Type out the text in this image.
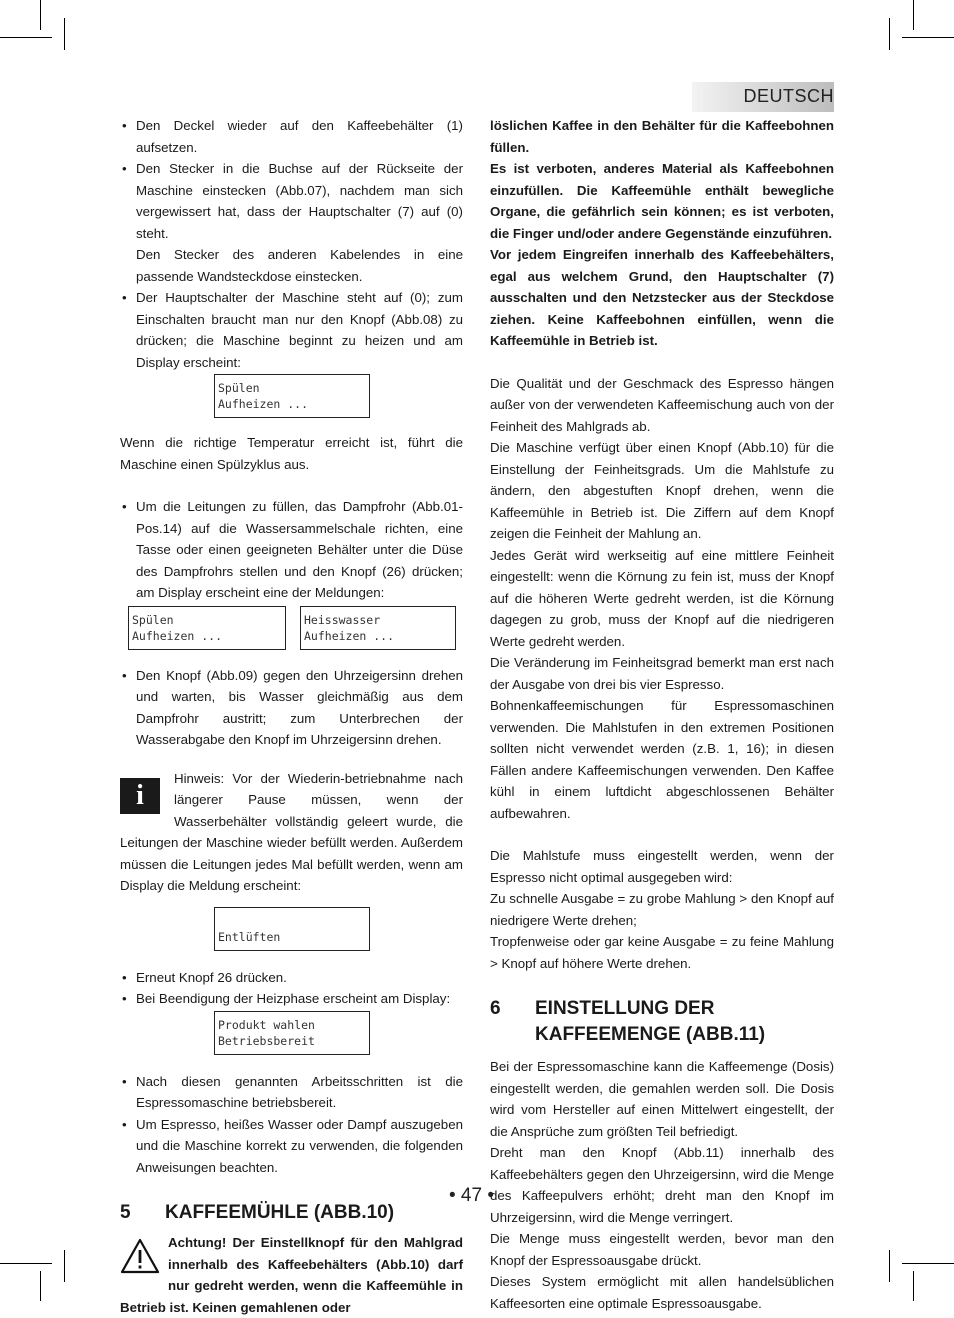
DEUTSCH
• Den Deckel wieder auf den Kaffeebehälter (1) aufsetzen.
• Den Stecker in die Buchse auf der Rückseite der Maschine einstecken (Abb.07), nachdem man sich vergewissert hat, dass der Hauptschalter (7) auf (0) steht.

Den Stecker des anderen Kabelendes in eine passende Wandsteckdose einstecken.

• Der Hauptschalter der Maschine steht auf (0); zum Einschalten braucht man nur den Knopf (Abb.08) zu drücken; die Maschine beginnt zu heizen und am Display erscheint:
Spülen
Aufheizen ...

Wenn die richtige Temperatur erreicht ist, führt die Maschine einen Spülzyklus aus.

• Um die Leitungen zu füllen, das Dampfrohr (Abb.01-Pos.14) auf die Wassersammelschale richten, eine Tasse oder einen geeigneten Behälter unter die Düse des Dampfrohrs stellen und den Knopf (26) drücken; am Display erscheint eine der Meldungen:
Spülen
Aufheizen ...
Heisswasser
Aufheizen ...
• Den Knopf (Abb.09) gegen den Uhrzeigersinn drehen und warten, bis Wasser gleichmäßig aus dem Dampfrohr austritt; zum Unterbrechen der Wasserabgabe den Knopf im Uhrzeigersinn drehen.
i

Hinweis: Vor der Wiederin-betriebnahme nach längerer Pause müssen, wenn der Wasserbehälter vollständig geleert wurde, die Leitungen der Maschine wieder befüllt werden. Außerdem müssen die Leitungen jedes Mal befüllt werden, wenn am Display die Meldung erscheint:

Entlüften
• Erneut Knopf 26 drücken.
• Bei Beendigung der Heizphase erscheint am Display:
Produkt wahlen
Betriebsbereit
• Nach diesen genannten Arbeitsschritten ist die Espressomaschine betriebsbereit.
• Um Espresso, heißes Wasser oder Dampf auszugeben und die Maschine korrekt zu verwenden, die folgenden Anweisungen beachten.
5	KAFFEEMÜHLE (ABB.10)

Achtung! Der Einstellknopf für den Mahlgrad innerhalb des Kaffeebehälters (Abb.10) darf nur gedreht werden, wenn die Kaffeemühle in Betrieb ist. Keinen gemahlenen oder

löslichen Kaffee in den Behälter für die Kaffeebohnen füllen.

Es ist verboten, anderes Material als Kaffeebohnen einzufüllen. Die Kaffeemühle enthält bewegliche Organe, die gefährlich sein können; es ist verboten, die Finger und/oder andere Gegenstände einzuführen.

Vor jedem Eingreifen innerhalb des Kaffeebehälters, egal aus welchem Grund, den Hauptschalter (7) ausschalten und den Netzstecker aus der Steckdose ziehen. Keine Kaffeebohnen einfüllen, wenn die Kaffeemühle in Betrieb ist.

Die Qualität und der Geschmack des Espresso hängen außer von der verwendeten Kaffeemischung auch von der Feinheit des Mahlgrads ab.

Die Maschine verfügt über einen Knopf (Abb.10) für die Einstellung der Feinheitsgrads. Um die Mahlstufe zu ändern, den abgestuften Knopf drehen, wenn die Kaffeemühle in Betrieb ist. Die Ziffern auf dem Knopf zeigen die Feinheit der Mahlung an.

Jedes Gerät wird werkseitig auf eine mittlere Feinheit eingestellt: wenn die Körnung zu fein ist, muss der Knopf auf die höheren Werte gedreht werden, ist die Körnung dagegen zu grob, muss der Knopf auf die niedrigeren Werte gedreht werden.

Die Veränderung im Feinheitsgrad bemerkt man erst nach der Ausgabe von drei bis vier Espresso.

Bohnenkaffeemischungen für Espressomaschinen verwenden. Die Mahlstufen in den extremen Positionen sollten nicht verwendet werden (z.B. 1, 16); in diesen Fällen andere Kaffeemischungen verwenden. Den Kaffee kühl in einem luftdicht abgeschlossenen Behälter aufbewahren.

Die Mahlstufe muss eingestellt werden, wenn der Espresso nicht optimal ausgegeben wird:

Zu schnelle Ausgabe = zu grobe Mahlung > den Knopf auf niedrigere Werte drehen;

Tropfenweise oder gar keine Ausgabe = zu feine Mahlung > Knopf auf höhere Werte drehen.

6	EINSTELLUNG DER KAFFEEMENGE (ABB.11)

Bei der Espressomaschine kann die Kaffeemenge (Dosis) eingestellt werden, die gemahlen werden soll. Die Dosis wird vom Hersteller auf einen Mittelwert eingestellt, der die Ansprüche zum größten Teil befriedigt.

Dreht man den Knopf (Abb.11) innerhalb des Kaffeebehälters gegen den Uhrzeigersinn, wird die Menge des Kaffeepulvers erhöht; dreht man den Knopf im Uhrzeigersinn, wird die Menge verringert.

Die Menge muss eingestellt werden, bevor man den Knopf der Espressoausgabe drückt.

Dieses System ermöglicht mit allen handelsüblichen Kaffeesorten eine optimale Espressoausgabe.

• 47 •
